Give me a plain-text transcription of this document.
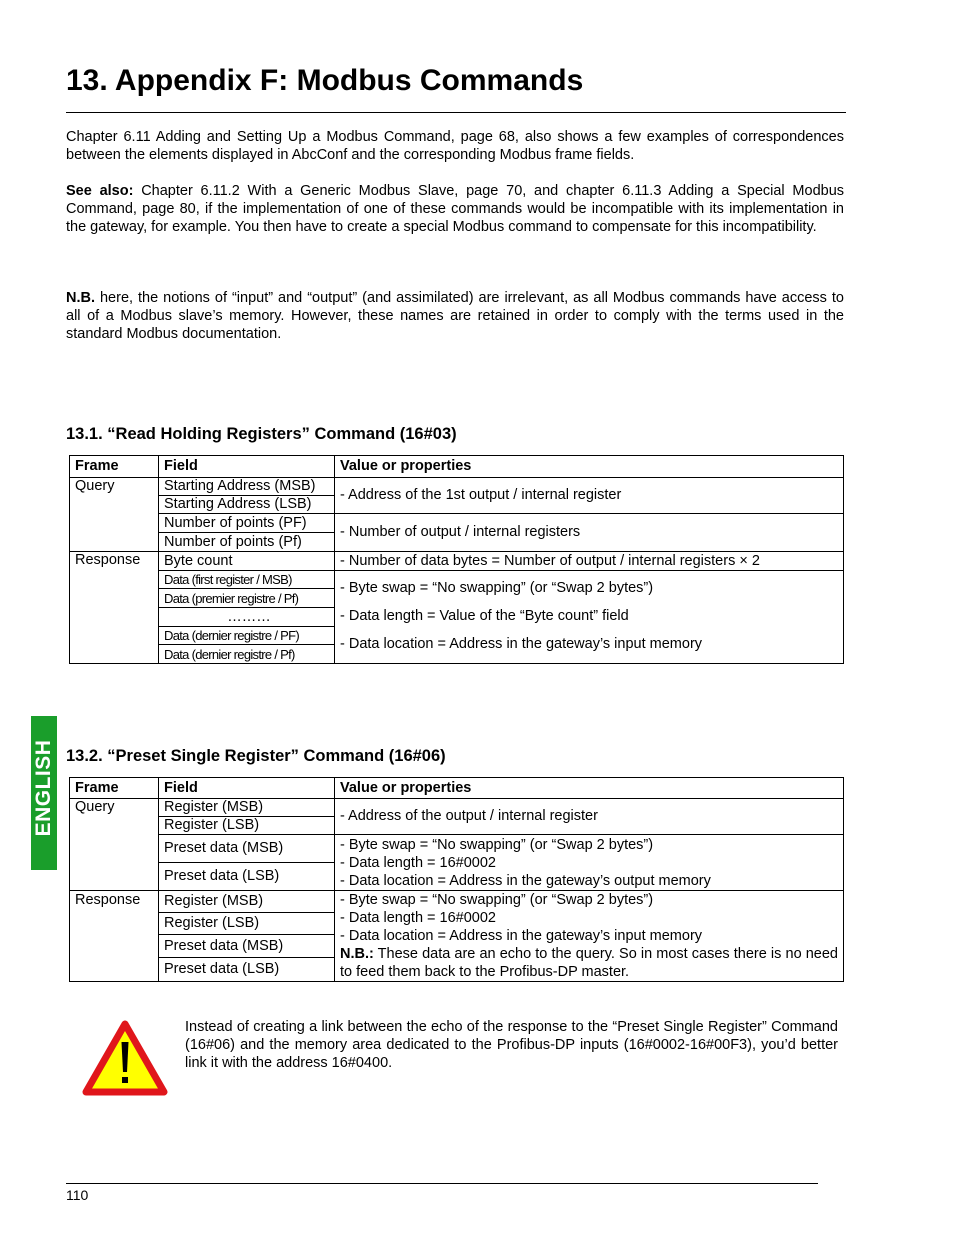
13. Appendix F: Modbus Commands

Chapter 6.11 Adding and Setting Up a Modbus Command, page 68, also shows a few examples of correspondences between the elements displayed in AbcConf and the corresponding Modbus frame fields.

See also: Chapter 6.11.2 With a Generic Modbus Slave, page 70, and chapter 6.11.3 Adding a Special Modbus Command, page 80, if the implementation of one of these commands would be incompatible with its implementation in the gateway, for example. You then have to create a special Modbus command to compensate for this incompatibility.

N.B. here, the notions of “input” and “output” (and assimilated) are irrelevant, as all Modbus commands have access to all of a Modbus slave’s memory. However, these names are retained in order to comply with the terms used in the standard Modbus documentation.

13.1. “Read Holding Registers” Command (16#03)
Frame	Field	Value or properties
Query	Starting Address (MSB)	- Address of the 1st output / internal register
	Starting Address (LSB)	
	Number of points (PF)	- Number of output / internal registers
	Number of points (Pf)	
Response	Byte count	- Number of data bytes = Number of output / internal registers × 2
	Data (first register / MSB)	- Byte swap = “No swapping” (or “Swap 2 bytes”)
- Data length = Value of the “Byte count” field
- Data location = Address in the gateway’s input memory

	Data (premier registre / Pf)	
	………	
	Data (dernier registre / PF)	
	Data (dernier registre / Pf)	
ENGLISH 13.2. “Preset Single Register” Command (16#06)
Frame	Field	Value or properties
Query	Register (MSB)	- Address of the output / internal register
	Register (LSB)	
	Preset data (MSB)	- Byte swap = “No swapping” (or “Swap 2 bytes”)
- Data length = 16#0002
- Data location = Address in the gateway’s output memory

	Preset data (LSB)	
Response	Register (MSB)	- Byte swap = “No swapping” (or “Swap 2 bytes”)
- Data length = 16#0002
- Data location = Address in the gateway’s input memory
N.B.: These data are an echo to the query. So in most cases there is no need to feed them back to the Profibus-DP master.

	Register (LSB)	
	Preset data (MSB)	
	Preset data (LSB)	

Instead of creating a link between the echo of the response to the “Preset Single Register” Command (16#06) and the memory area dedicated to the Profibus-DP inputs (16#0002-16#00F3), you’d better link it with the address 16#0400.

110
